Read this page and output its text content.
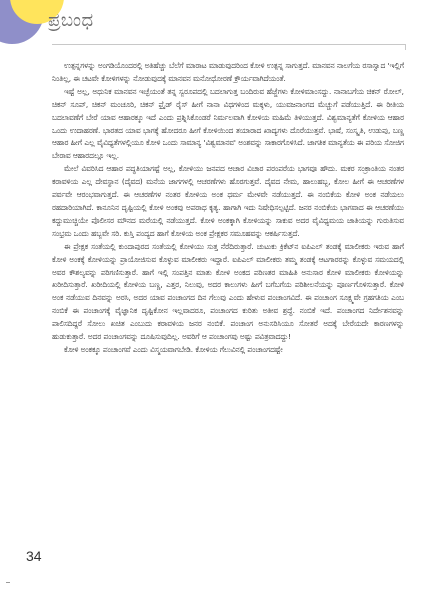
ಪ್ರಬಂಧ

ಉತ್ಪನ್ನಗಳನ್ನು ಅಂಗಡಿಯೊಂದರಲ್ಲಿ ಅತಿಹೆಚ್ಚು ಬೆಲೆಗೆ ಮಾರಾಟ ಮಾಡುವುದರಿಂದ ಕೋಳಿ ಉತ್ಪನ್ನ ಸಾಗುತ್ತದೆ. ಮಾನವನ ನಾಲಗೆಯ ರಸಾಸ್ವಾದ 'ಇಲ್ಲಿಗೆ ನಿಂತಿಲ್ಲ, ಈ ಚಟವೇ ಕೋಳಿಗಳನ್ನು ನೋಡುವುದಕ್ಕೆ ಮಾನವನ ಮನೋಧೋರಣೆ ಕ್ರೌರ್ಯವಾಗಿದೆಯಂತೆ.

ಇಷ್ಟೆ ಅಲ್ಲ, ಅಧುನಿಕ ಮಾನವನ ಇಚ್ಛೆಯಂತೆ ತನ್ನ ಸ್ವರೂಪದಲ್ಲಿ ಬದಲಾಗುತ್ತ ಬಂದಿರುವ ಹೆಜ್ಜೆಗಳು ಕೋಳಿಮಾಂಸದ್ದು. ನಾನಾಬಗೆಯ ಚಿಕನ್ ರೋಲ್, ಚಿಕನ್ ಸೂಪ್, ಚಿಕನ್ ಮಂಚೂರಿ, ಚಿಕನ್ ಫ್ರೈಡ್ ರೈಸ್ ಹೀಗೆ ನಾನಾ ವಿಧಗಳಿಂದ ಮಕ್ಕಳು, ಯುವಜನಾಂಗದ ಮೆಚ್ಚುಗೆ ಪಡೆಯುತ್ತಿದೆ. ಈ ರೀತಿಯ ಬದಲಾವಣೆಗೆ ಬೇರೆ ಯಾವ ಆಹಾರಕ್ಕೂ ಇದೆ ಎಂದು ಪ್ರಶ್ನಿಸಿಕೊಂಡರೆ ನಿರ್ಮಲವಾಗಿ ಕೋಳಿಯ ಮಹಿಮೆ ತಿಳಿಯುತ್ತದೆ. ವಿಶ್ವಮಾನ್ಯತೆಗೆ ಕೋಳಿಯ ಆಹಾರ ಒಂದು ಉದಾಹರಣೆ. ಭಾರತದ ಯಾವ ಭಾಗಕ್ಕೆ ಹೋದರೂ ಹೀಗೆ ಕೋಳಿಯಿಂದ ತಯಾರಾದ ಖಾದ್ಯಗಳು ದೊರೆಯುತ್ತವೆ. ಭಾಷೆ, ಸಂಸ್ಕೃತಿ, ಉಡುಪು, ಬಣ್ಣ ಆಹಾರ ಹೀಗೆ ಎಲ್ಲ ವೈವಿಧ್ಯತೆಗಳಲ್ಲಿಯೂ ಕೋಳಿ ಒಂದು ಸಾಮಾನ್ಯ 'ವಿಶ್ವಮಾನವ' ಅಂಶವನ್ನು ಸಾಕಾರಗೊಳಿಸಿದೆ. ಜಾಗತಿಕ ಮಾನ್ಯತೆಯ ಈ ಪರಿಯ ಸೋಜಿಗ ಬೇರಾವ ಆಹಾರದಲ್ಲೂ ಇಲ್ಲ.

ಮೇಲೆ ವಿವರಿಸಿದ ಆಹಾರ ಪದ್ಧತಿಯಾಗಷ್ಟೆ ಅಲ್ಲ, ಕೋಳಿಯು ಜನಪದ ಆಚಾರ ವಿಚಾರ ಪರಂಪರೆಯ ಭಾಗವೂ ಹೌದು. ಮಕರ ಸಂಕ್ರಾಂತಿಯ ನಂತರ ಕರಾವಳಿಯ ಎಲ್ಲ ದೇವಸ್ಥಾನ (ದೈವದ) ಮನೆಯ ಜಾಗಗಳಲ್ಲಿ ಆಚರಣೆಗಳು ಹೊರಗುತ್ತವೆ. ದೈವದ ನೇಮ, ಹಾಲುಹಬ್ಬ, ಕೋಲ ಹೀಗೆ ಈ ಆಚರಣೆಗಳ ಪರ್ವವೇ ಆರಂಭವಾಗುತ್ತದೆ. ಈ ಆಚರಣೆಗಳ ನಂತರ ಕೋಳಿಯ ಅಂಕ ಧರ್ಮ ಮೇಳವೇ ನಡೆಯುತ್ತದೆ. ಈ ನಂಬಿಕೆಯ ಕೋಳಿ ಅಂಕ ನಡೆಯಲು ರಹದಾರಿಯಾಗಿದೆ. ಕಾನೂನಿನ ದೃಷ್ಟಿಯಲ್ಲಿ ಕೋಳಿ ಅಂಕವು ಅಪರಾಧ ಕೃತ್ಯ. ಹಾಗಾಗಿ ಇದು ನಿಷೇಧಿಸಲ್ಪಟ್ಟಿದೆ. ಜನರ ನಂಬಿಕೆಯ ಭಾಗವಾದ ಈ ಆಚರಣೆಯು ಕದ್ದುಮುಚ್ಚಿಯೇ ಪೊಲೀಸರ ಮೌನದ ಮರೆಯಲ್ಲಿ ನಡೆಯುತ್ತದೆ. ಕೋಳಿ ಅಂಕಕ್ಕಾಗಿ ಕೋಳಿಯನ್ನು ಸಾಕುವ ಅದರ ವೈವಿಧ್ಯಮಯ ಜಾತಿಯನ್ನು ಗುರುತಿಸುವ ಸಂಭ್ರಮ ಒಂದು ಹಬ್ಬವೇ ಸರಿ. ಕುಸ್ತಿ ಪಂದ್ಯದ ಹಾಗೆ ಕೋಳಿಯ ಅಂಕ ಪ್ರೇಕ್ಷಕರ ಸಮೂಹವನ್ನು ಆಕರ್ಷಿಸುತ್ತದೆ.

ಈ ಪ್ರೇಕ್ಷಕ ಸಂತೆಯಲ್ಲಿ ಕುಂದಾಪುರದ ಸಂತೆಯಲ್ಲಿ ಕೋಳಿಯು ಸುತ್ತ ನೆರೆದಿರುತ್ತಾರೆ. ಚುಟುಕು ಕ್ರಿಕೆಟ್‌ನ ಐಪಿಎಲ್ ತಂಡಕ್ಕೆ ಮಾಲೀಕರು ಇರುವ ಹಾಗೆ ಕೋಳಿ ಅಂಕಕ್ಕೆ ಕೋಳಿಯನ್ನು ಪ್ರಾಯೋಜಿಸುವ ಕೊಳ್ಳುವ ಮಾಲೀಕರು ಇದ್ದಾರೆ. ಐಪಿಎಲ್ ಮಾಲೀಕರು ತಮ್ಮ ತಂಡಕ್ಕೆ ಆಟಗಾರರನ್ನು ಕೊಳ್ಳುವ ಸಮಯದಲ್ಲಿ ಅವರ ಕೌಶಲ್ಯವನ್ನು ಪರಿಗಣಿಸುತ್ತಾರೆ. ಹಾಗೆ ಇಲ್ಲಿ ಸಂಪತ್ತಿನ ಮಾತು ಕೋಳಿ ಅಂಕದ ಪರಿಣತರ ಮಾಹಿತಿ ಅನುಸಾರ ಕೋಳಿ ಮಾಲೀಕರು ಕೋಳಿಯನ್ನು ಖರೀದಿಸುತ್ತಾರೆ. ಖರೀದಿಯಲ್ಲಿ ಕೋಳಿಯ ಬಣ್ಣ, ಎತ್ತರ, ನಿಲುವು, ಅದರ ಕಾಲುಗಳು ಹೀಗೆ ಬಗೆಬಗೆಯ ಪರಿಶೀಲನೆಯನ್ನು ಪೂರ್ಣಗೊಳಿಸುತ್ತಾರೆ. ಕೋಳಿ ಅಂಕ ನಡೆಯುವ ದಿನವನ್ನು ಅರಸಿ, ಅದರ ಯಾವ ಪಂಚಾಂಗದ ದಿನ ಗೆಲುವು ಎಂದು ಹೇಳುವ ಪಂಚಾಂಗವಿದೆ. ಈ ಪಂಚಾಂಗ ಸೂಕ್ಷ್ಮವೇ ಗ್ರಹಗತಿಯ ಎಂಬ ನಂಬಿಕೆ ಈ ಪಂಚಾಂಗಕ್ಕೆ ವೈಜ್ಞಾನಿಕ ದೃಷ್ಟಿಕೋನ ಇಲ್ಲವಾದರೂ, ಪಂಚಾಂಗದ ಕುರಿತು ಅತೀವ ಶ್ರದ್ಧೆ. ನಂಬಿಕೆ ಇದೆ. ಪಂಚಾಂಗದ ನಿರ್ದೇಶನವನ್ನು ಪಾಲಿಸದಿದ್ದರೆ ಸೋಲು ಖಚಿತ ಎಂಬುದು ಕರಾವಳಿಯ ಜನರ ನಂಬಿಕೆ. ಪಂಚಾಂಗ ಅನುಸರಿಸಿಯೂ ಸೋತರೆ ಅದಕ್ಕೆ ಬೇರೆಯದೇ ಕಾರಣಗಳನ್ನು ಹುಡುಕುತ್ತಾರೆ. ಅದರ ಪಂಚಾಂಗವನ್ನು ದೂಷಿಸುವುದಿಲ್ಲ. ಅವರಿಗೆ ಆ ಪಂಚಾಂಗವು ಅಷ್ಟು ಪವಿತ್ರವಾದದ್ದು!

ಕೋಳಿ ಅಂಕಕ್ಕೂ ಪಂಚಾಂಗವೆ ಎಂದು ವಿಸ್ಮಯವಾಗಬೇಡಿ. ಕೋಳಿಯ ಗೆಲುವಿನಲ್ಲಿ ಪಂಚಾಂಗದಷ್ಟೇ

34
